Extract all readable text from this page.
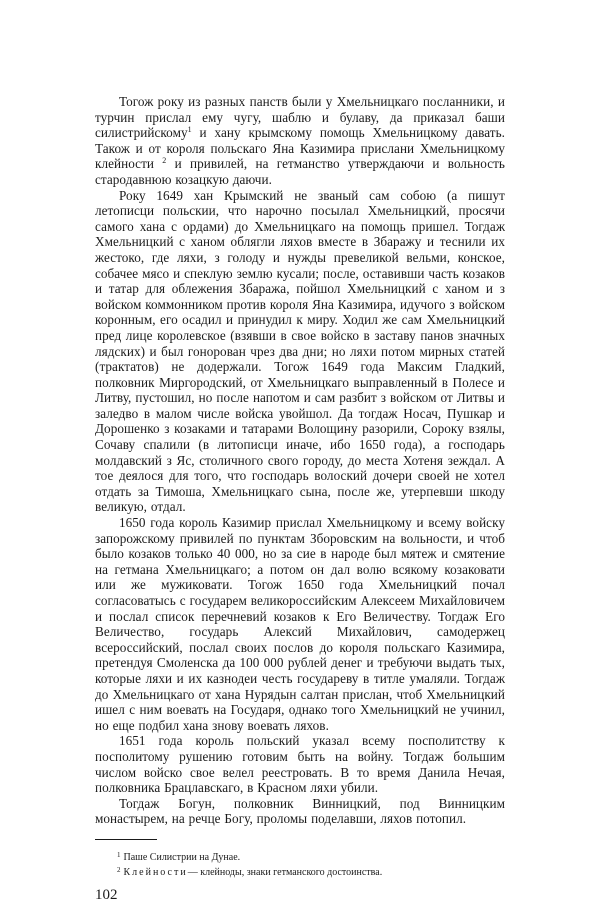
Тогож року из разных панств были у Хмельницкаго посланники, и турчин прислал ему чугу, шаблю и булаву, да приказал баши силистрийскому$^1$ и хану крымскому помощь Хмельницкому давать. Також и от короля польскаго Яна Казимира прислани Хмельницкому клейности $^2$ и привилей, на гетманство утверждаючи и вольность стародавнюю козацкую даючи.

Року 1649 хан Крымский не званый сам собою (а пишут летописци польскии, что нарочно посылал Хмельницкий, просячи самого хана с ордами) до Хмельницкаго на помощь пришел. Тогдаж Хмельницкий с ханом облягли ляхов вместе в Збаражу и теснили их жестоко, где ляхи, з голоду и нужды превеликой вельми, конское, собачее мясо и спеклую землю кусали; после, оставивши часть козаков и татар для облежения Збаража, пойшол Хмельницкий с ханом и з войском коммонником против короля Яна Казимира, идучого з войском коронным, его осадил и принудил к миру. Ходил же сам Хмельницкий пред лице королевское (взявши в свое войско в заставу панов значных лядских) и был гонорован чрез два дни; но ляхи потом мирных статей (трактатов) не додержали. Тогож 1649 года Максим Гладкий, полковник Миргородский, от Хмельницкаго выправленный в Полесе и Литву, пустошил, но после напотом и сам разбит з войском от Литвы и заледво в малом числе войска увойшол. Да тогдаж Носач, Пушкар и Дорошенко з козаками и татарами Волощину разорили, Сороку взялы, Сочаву спалили (в литописци иначе, ибо 1650 года), а господарь молдавский з Яс, столичного свого городу, до места Хотеня зеждал. А тое деялося для того, что господарь волоский дочери своей не хотел отдать за Тимоша, Хмельницкаго сына, после же, утерпевши шкоду великую, отдал.

1650 года король Казимир прислал Хмельницкому и всему войску запорожскому привилей по пунктам Зборовским на вольности, и чтоб было козаков только 40 000, но за сие в народе был мятеж и смятение на гетмана Хмельницкаго; а потом он дал волю всякому козаковати или же мужиковати. Тогож 1650 года Хмельницкий почал согласоватысь с государем великороссийским Алексеем Михайловичем и послал список перечневий козаков к Его Величеству. Тогдаж Его Величество, государь Алексий Михайлович, самодержец всероссийский, послал своих послов до короля польскаго Казимира, претендуя Смоленска да 100 000 рублей денег и требуючи выдать тых, которые ляхи и их казнодеи честь государеву в титле умаляли. Тогдаж до Хмельницкаго от хана Нурядын салтан прислан, чтоб Хмельницкий ишел с ним воевать на Государя, однако того Хмельницкий не учинил, но еще подбил хана знову воевать ляхов.

1651 года король польский указал всему посполитству к посполитому рушению готовим быть на войну. Тогдаж большим числом войско свое велел реестровать. В то время Данила Нечая, полковника Брацлавскаго, в Красном ляхи убили.

Тогдаж Богун, полковник Винницкий, под Винницким монастырем, на речце Богу, проломы поделавши, ляхов потопил.

$^1$ Паше Силистрии на Дунае.

$^2$ Клейности— клейноды, знаки гетманского достоинства.

102
